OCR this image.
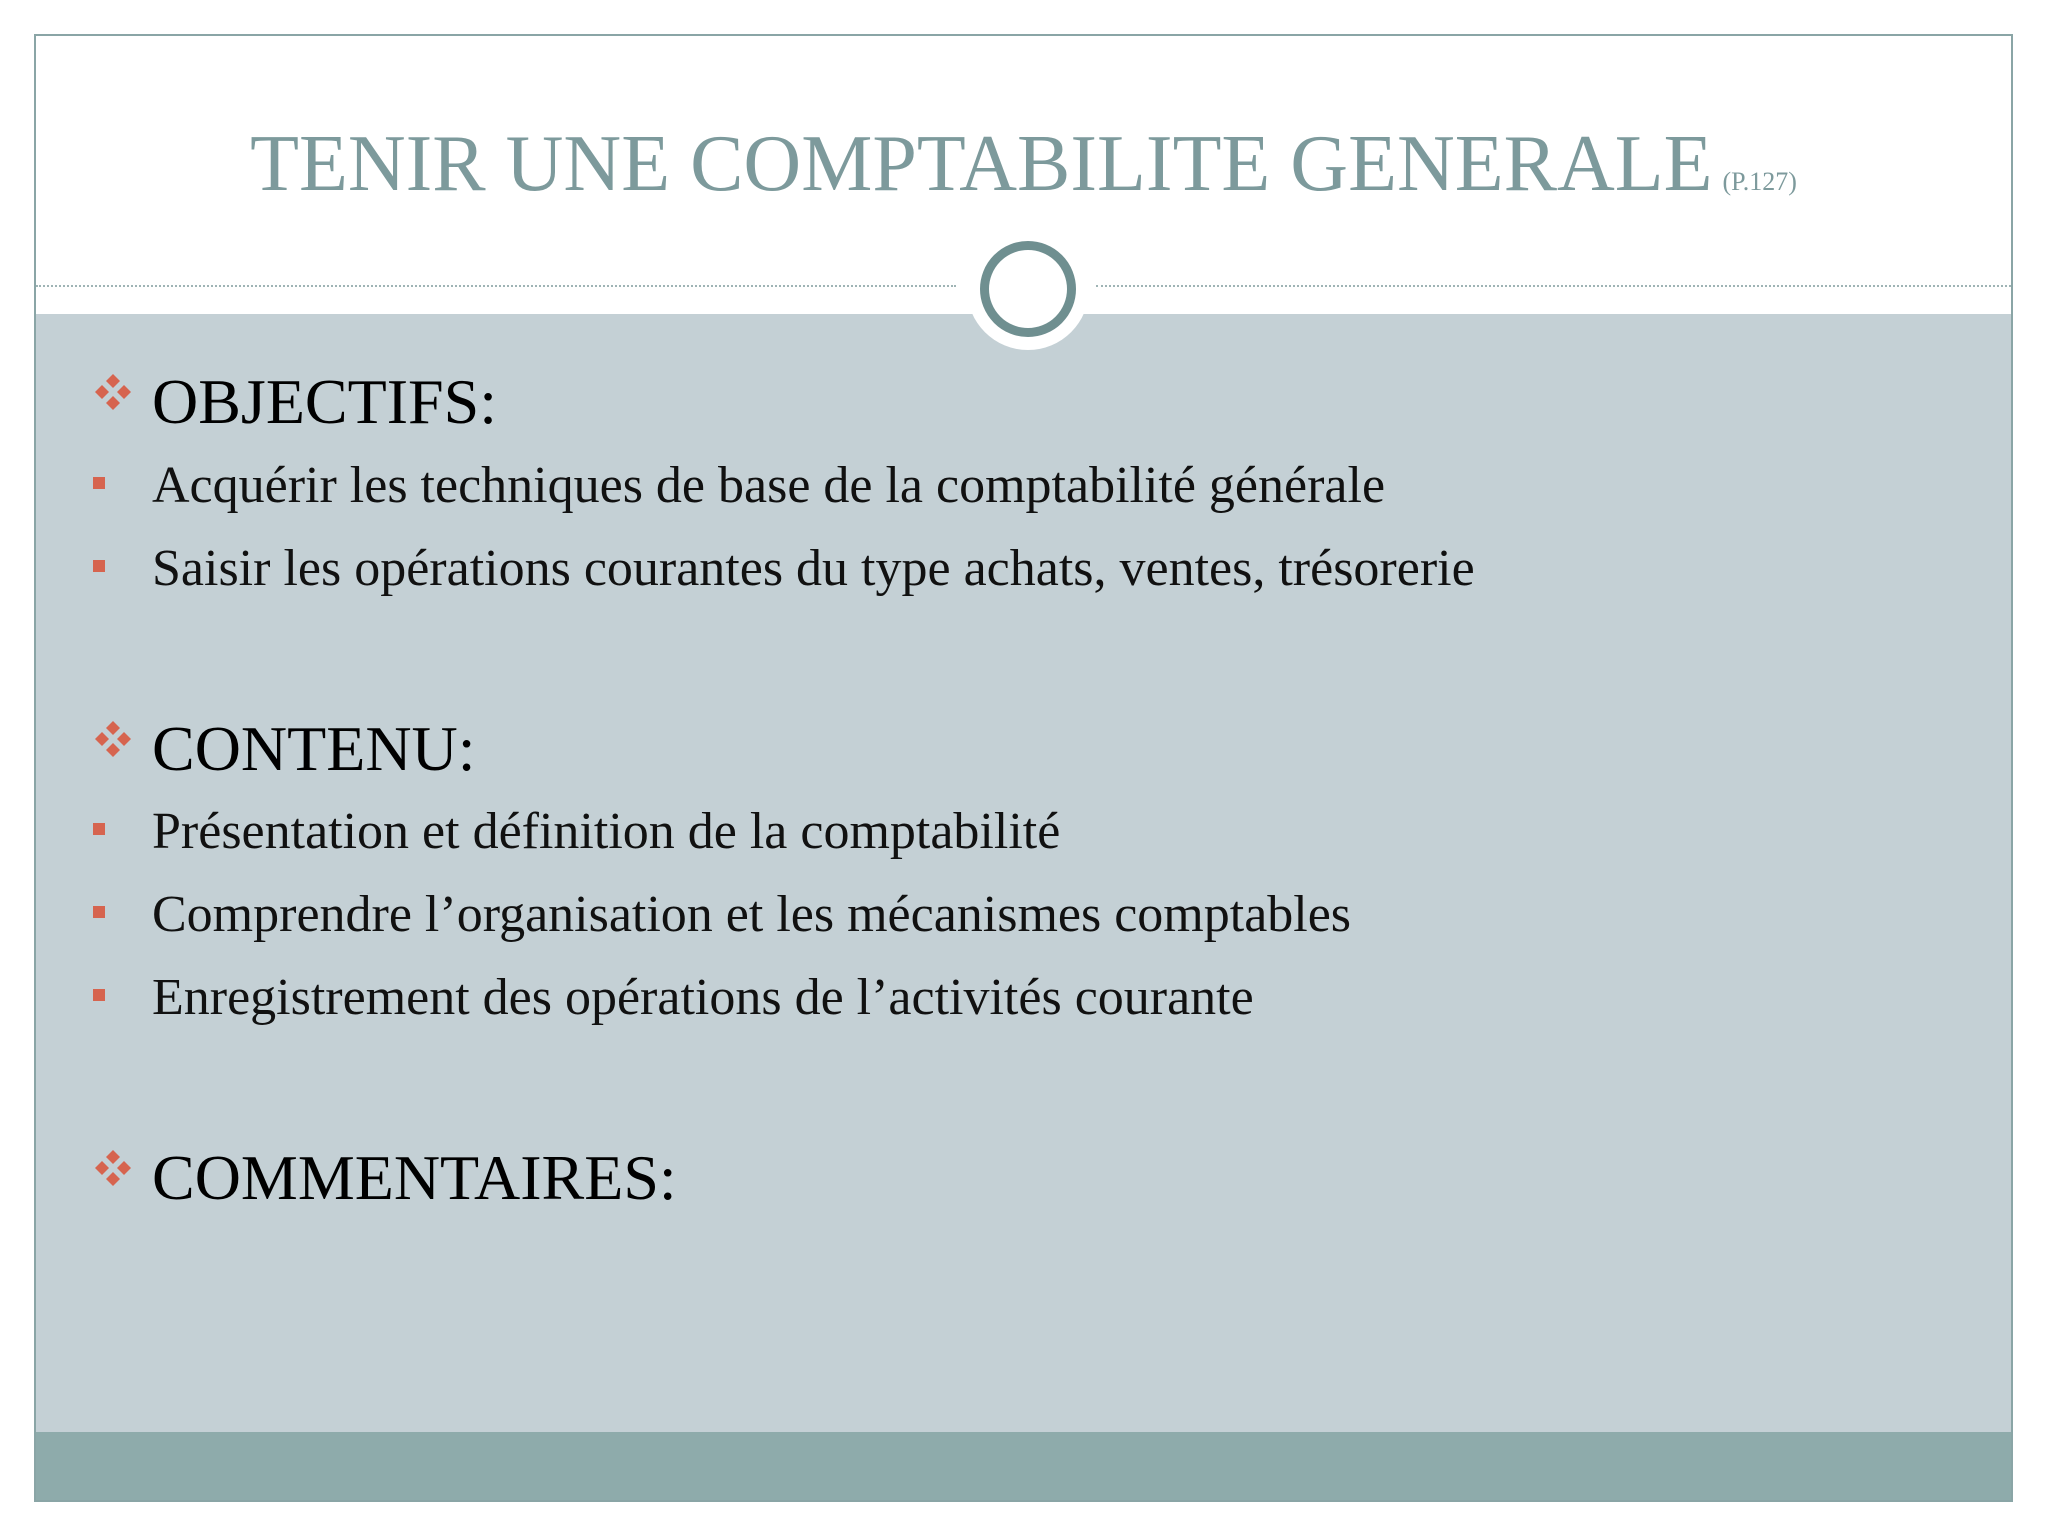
TENIR UNE COMPTABILITE GENERALE (P.127)
OBJECTIFS:
Acquérir les techniques de base de la comptabilité générale
Saisir les opérations courantes du type achats, ventes, trésorerie
CONTENU:
Présentation et définition de la comptabilité
Comprendre l’organisation et les mécanismes comptables
Enregistrement des opérations de l’activités courante
COMMENTAIRES:
